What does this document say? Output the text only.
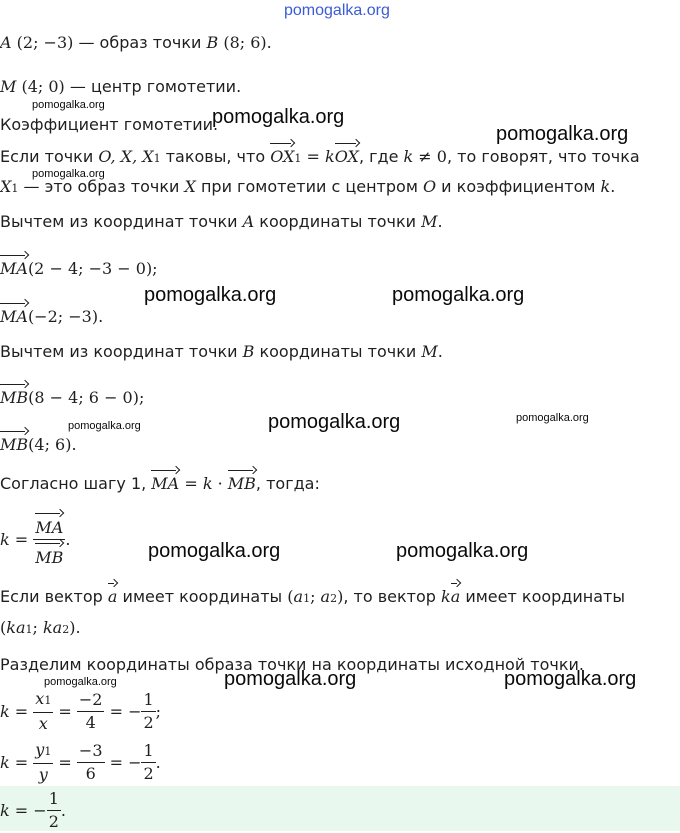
pomogalka.org
pomogalka.org
pomogalka.org
pomogalka.org
pomogalka.org
pomogalka.org	pomogalka.org
pomogalka.org
pomogalka.org
pomogalka.org
pomogalka.org	pomogalka.org
pomogalka.org	pomogalka.org	pomogalka.org
A (2; −3) — образ точки B (8; 6).
M (4; 0) — центр гомотетии.
Коэффициент гомотетии.
Если точки O, X, X1 таковы, что OX1 = kOX, где k ≠ 0, то говорят, что точка
X1 — это образ точки X при гомотетии с центром O и коэффициентом k.
Вычтем из координат точки A координаты точки M.
MA(2 − 4; −3 − 0);
MA(−2; −3).
Вычтем из координат точки B координаты точки M.
MB(8 − 4; 6 − 0);
MB(4; 6).
Согласно шагу 1, MA = k · MB, тогда:
$k = \frac{MA}{MB}$ .
Если вектор a имеет координаты (a1; a2), то вектор ka имеет координаты
(ka1; ka2).
Разделим координаты образа точки на координаты исходной точки.
$k = \frac{x1}{x} = \frac{-2}{4}$ = − $\frac{1}{2}$ ;
$k = \frac{y1}{y} = \frac{-3}{6}$ = − $\frac{1}{2}$ .
k = − $\frac{1}{2}$ .
